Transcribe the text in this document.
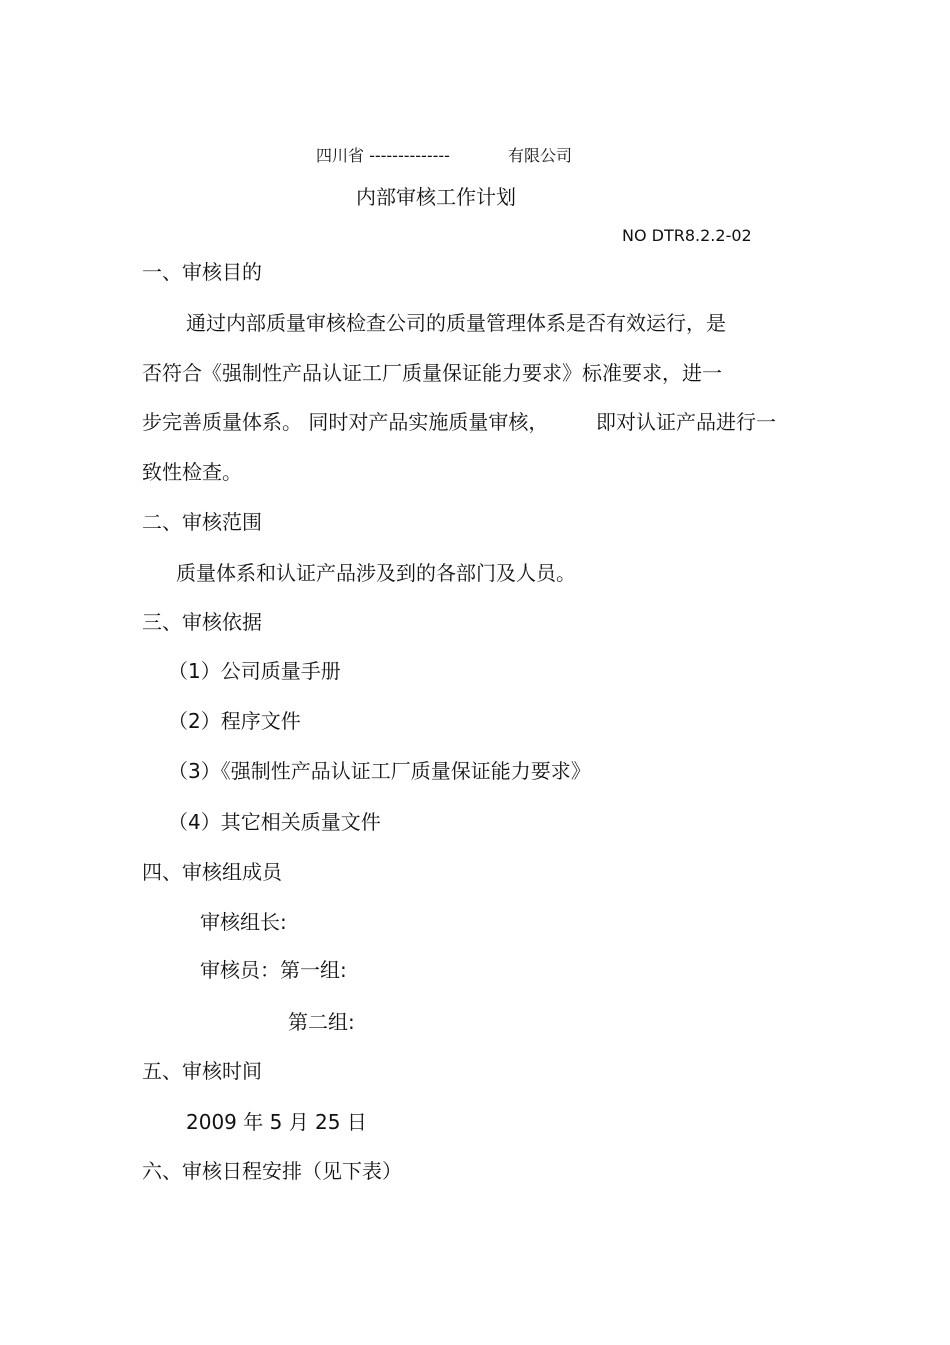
四川省 --------------	有限公司
内部审核工作计划
NO DTR8.2.2-02
一、审核目的
通过内部质量审核检查公司的质量管理体系是否有效运行，是
否符合《强制性产品认证工厂质量保证能力要求》标准要求，进一
步完善质量体系。 同时对产品实施质量审核， 即对认证产品进行一
致性检查。
二、审核范围
质量体系和认证产品涉及到的各部门及人员。
三、审核依据
（1）公司质量手册
（2）程序文件
（3）《强制性产品认证工厂质量保证能力要求》
（4）其它相关质量文件
四、审核组成员
审核组长:
审核员：第一组:
第二组:
五、审核时间
2009 年 5 月 25 日
六、审核日程安排（见下表）
